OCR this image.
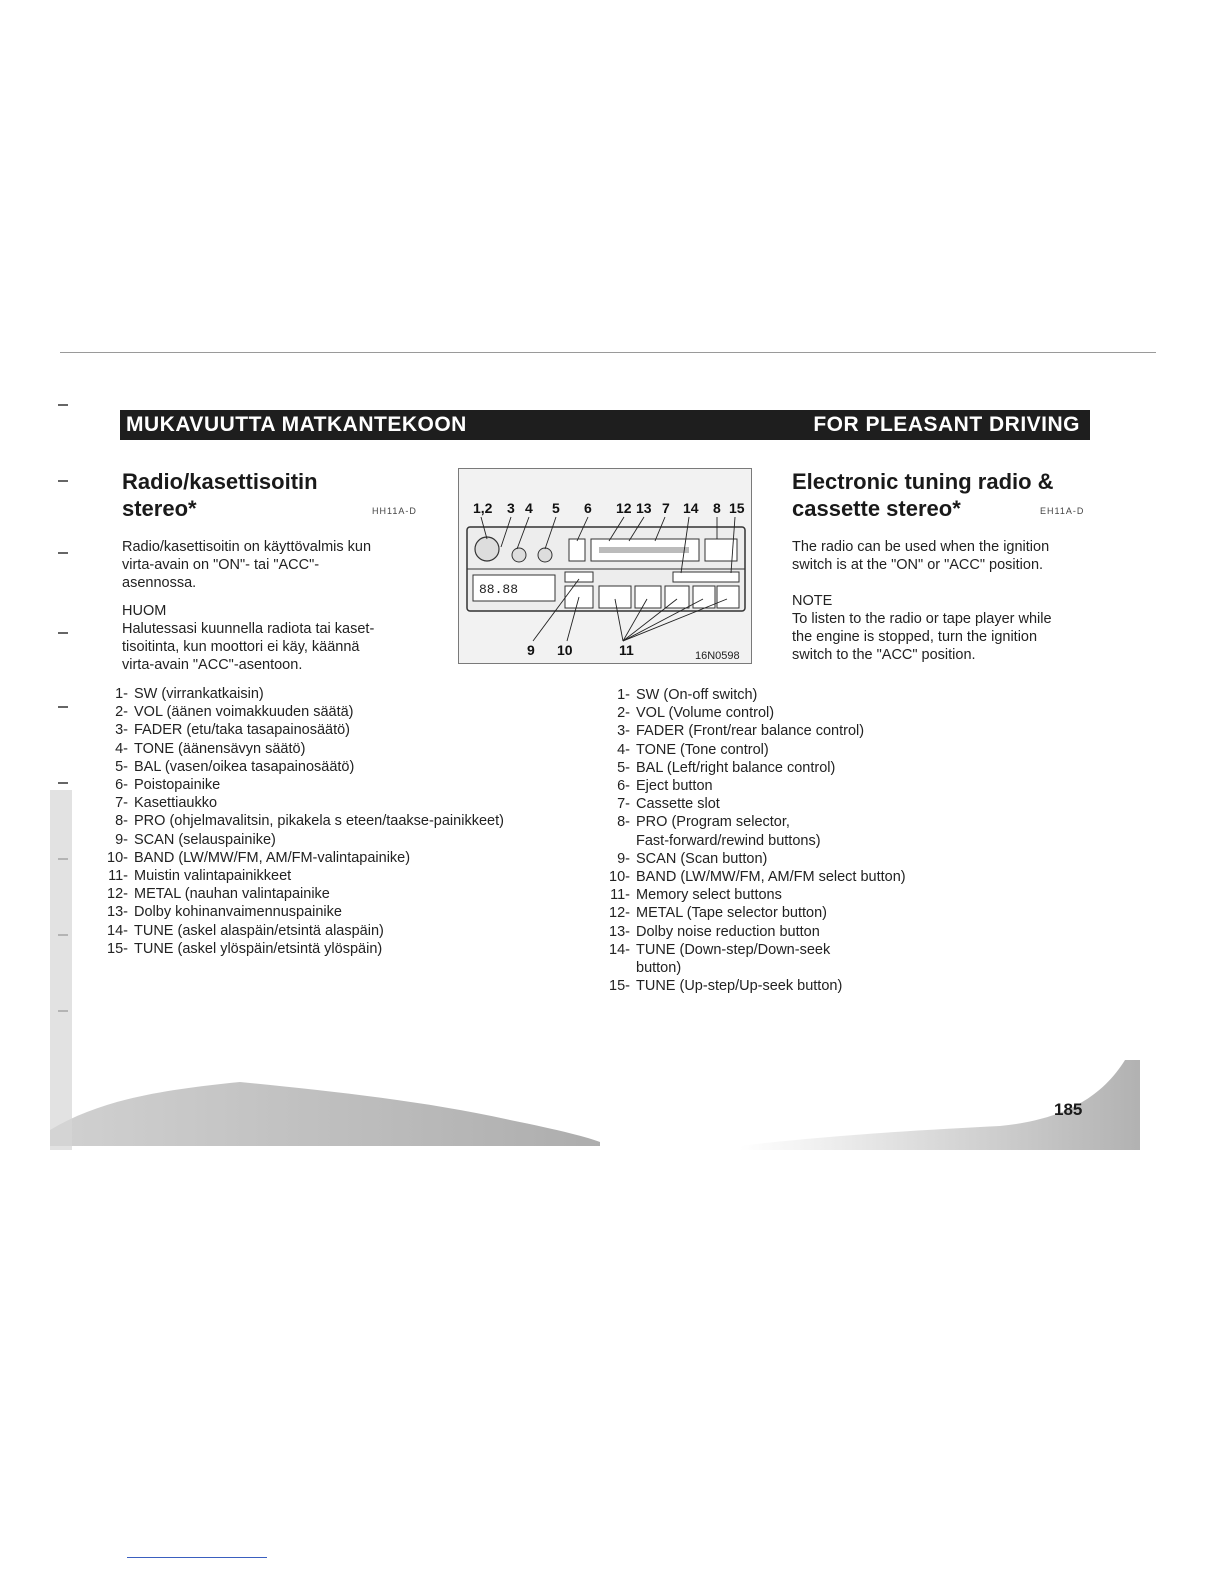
MUKAVUUTTA MATKANTEKOON	FOR PLEASANT DRIVING
Radio/kasettisoitin
stereo*	HH11A-D
Radio/kasettisoitin on käyttövalmis kun
virta-avain on "ON"- tai "ACC"-
asennossa.
HUOM
Halutessasi kuunnella radiota tai kaset-
tisoitinta, kun moottori ei käy, käännä
virta-avain "ACC"-asentoon.
1- SW (virrankatkaisin)
2- VOL (äänen voimakkuuden säätä)
3- FADER (etu/taka tasapainosäätö)
4- TONE (äänensävyn säätö)
5- BAL (vasen/oikea tasapainosäätö)
6- Poistopainike
7- Kasettiaukko
8- PRO (ohjelmavalitsin, pikakela s eteen/taakse-painikkeet)
9- SCAN (selauspainike)
10- BAND (LW/MW/FM, AM/FM-valintapainike)
11- Muistin valintapainikkeet
12- METAL (nauhan valintapainike
13- Dolby kohinanvaimennuspainike
14- TUNE (askel alaspäin/etsintä alaspäin)
15- TUNE (askel ylöspäin/etsintä ylöspäin)
1,2 3 4 5 6 12 13 7 14 8 15
88.88
9 10	11	16N0598
Electronic tuning radio &
cassette stereo*	EH11A-D
The radio can be used when the ignition
switch is at the "ON" or "ACC" position.
NOTE
To listen to the radio or tape player while
the engine is stopped, turn the ignition
switch to the "ACC" position.
1- SW (On-off switch)
2- VOL (Volume control)
3- FADER (Front/rear balance control)
4- TONE (Tone control)
5- BAL (Left/right balance control)
6- Eject button
7- Cassette slot
8- PRO (Program selector,
Fast-forward/rewind buttons)
9- SCAN (Scan button)
10- BAND (LW/MW/FM, AM/FM select button)
11- Memory select buttons
12- METAL (Tape selector button)
13- Dolby noise reduction button
14- TUNE (Down-step/Down-seek
button)
15- TUNE (Up-step/Up-seek button)
185
